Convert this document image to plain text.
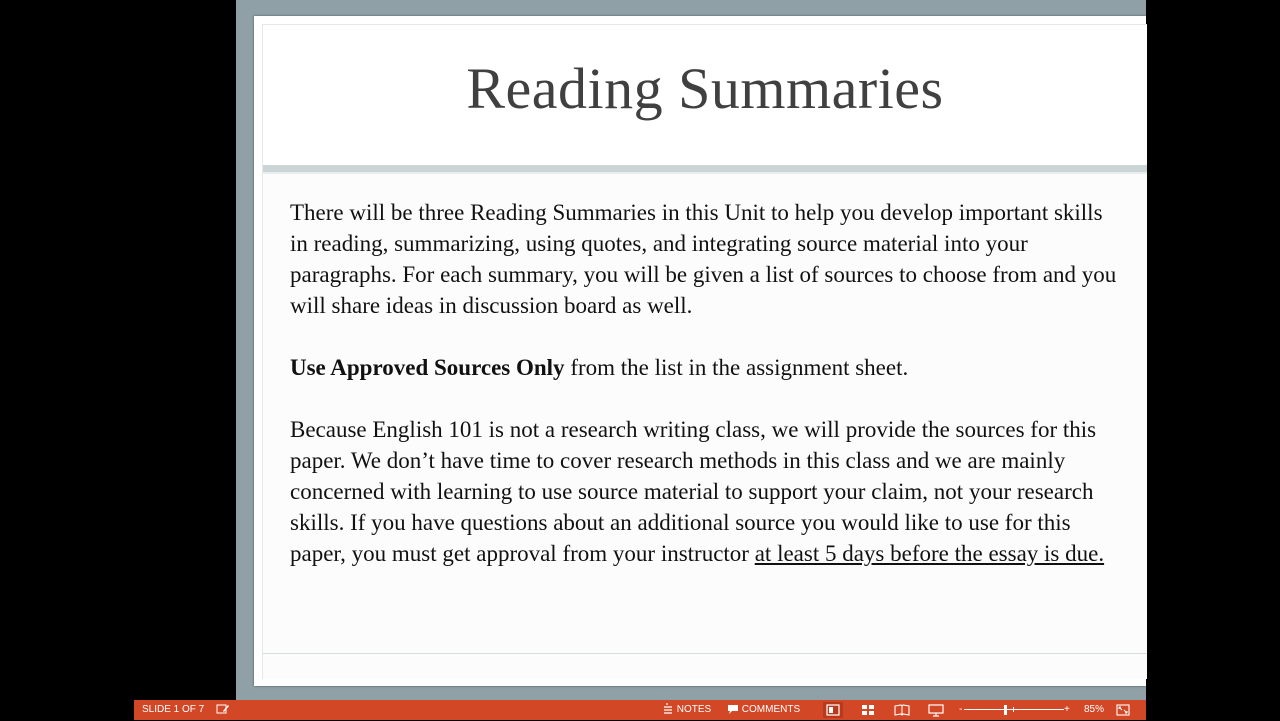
Reading Summaries

There will be three Reading Summaries in this Unit to help you develop important skills in reading, summarizing, using quotes, and integrating source material into your paragraphs. For each summary, you will be given a list of sources to choose from and you will share ideas in discussion board as well.

Use Approved Sources Only from the list in the assignment sheet.

Because English 101 is not a research writing class, we will provide the sources for this paper. We don’t have time to cover research methods in this class and we are mainly concerned with learning to use source material to support your claim, not your research skills. If you have questions about an additional source you would like to use for this paper, you must get approval from your instructor at least 5 days before the essay is due.

SLIDE 1 OF 7	NOTES	COMMENTS	-	+ 85%
